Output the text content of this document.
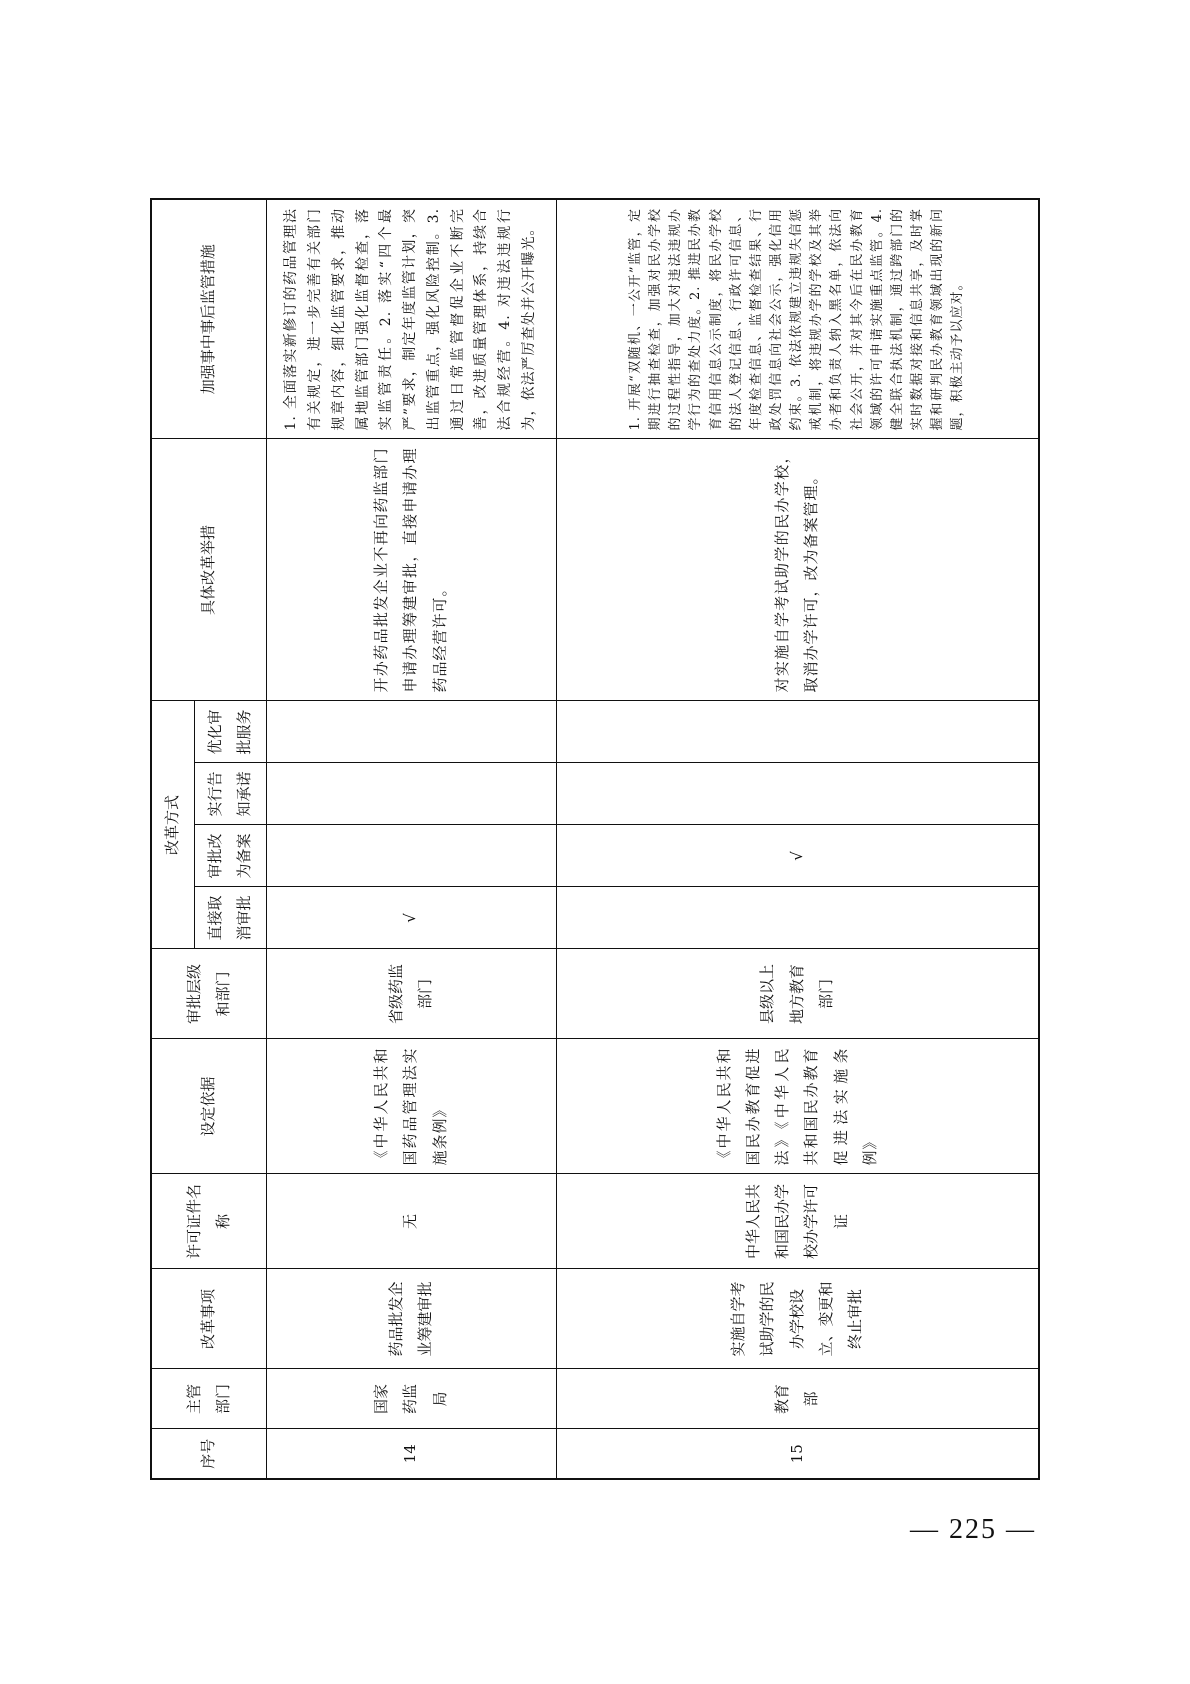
序号	主管部门	改革事项	许可证件名称	设定依据	审批层级和部门	改革方式				具体改革举措	加强事中事后监管措施
						直接取消审批	审批改为备案	实行告知承诺	优化审批服务		
14	国家药监局	药品批发企业筹建审批	无	《中华人民共和国药品管理法实施条例》	省级药监部门	√				开办药品批发企业不再向药监部门申请办理筹建审批，直接申请办理药品经营许可。	1. 全面落实新修订的药品管理法有关规定，进一步完善有关部门规章内容，细化监管要求，推动属地监管部门强化监督检查，落实监管责任。2. 落实“四个最严”要求，制定年度监管计划，突出监管重点，强化风险控制。3. 通过日常监管督促企业不断完善，改进质量管理体系，持续合法合规经营。4. 对违法违规行为，依法严厉查处并公开曝光。
15	教育部	实施自学考试助学的民办学校设立、变更和终止审批	中华人民共和国民办学校办学许可证	《中华人民共和国民办教育促进法》《中华人民共和国民办教育促进法实施条例》	县级以上地方教育部门		√			对实施自学考试助学的民办学校，取消办学许可，改为备案管理。	1. 开展“双随机、一公开”监管，定期进行抽查检查，加强对民办学校的过程性指导，加大对违法违规办学行为的查处力度。2. 推进民办教育信用信息公示制度，将民办学校的法人登记信息、行政许可信息、年度检查信息、监督检查结果、行政处罚信息向社会公示，强化信用约束。3. 依法依规建立违规失信惩戒机制，将违规办学的学校及其举办者和负责人纳入黑名单，依法向社会公开，并对其今后在民办教育领域的许可申请实施重点监管。4. 健全联合执法机制，通过跨部门的实时数据对接和信息共享，及时掌握和研判民办教育领域出现的新问题，积极主动予以应对。
— 225 —
